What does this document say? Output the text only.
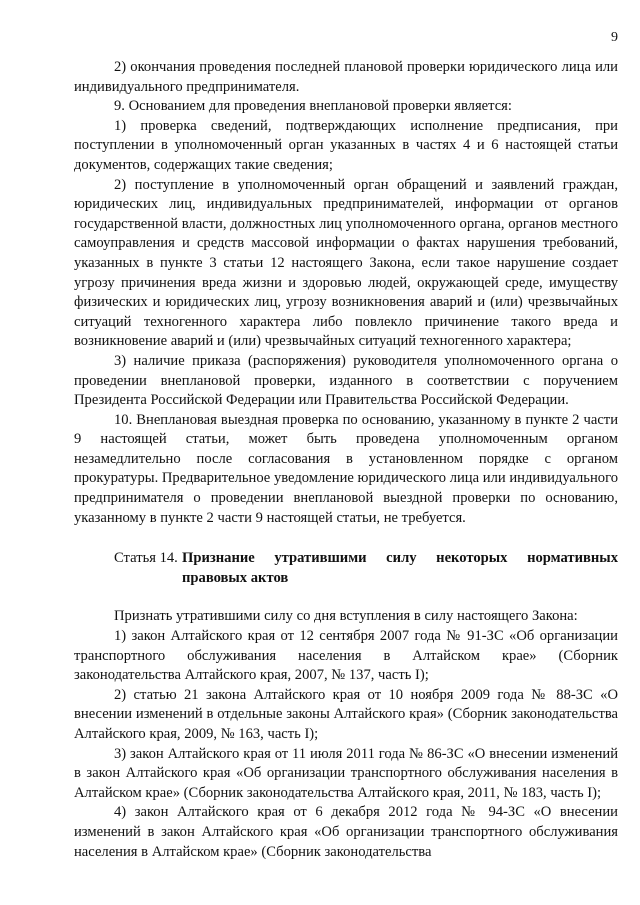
9

2) окончания проведения последней плановой проверки юридического лица или индивидуального предпринимателя.

9. Основанием для проведения внеплановой проверки является:

1) проверка сведений, подтверждающих исполнение предписания, при поступлении в уполномоченный орган указанных в частях 4 и 6 настоящей статьи документов, содержащих такие сведения;

2) поступление в уполномоченный орган обращений и заявлений граждан, юридических лиц, индивидуальных предпринимателей, информации от органов государственной власти, должностных лиц уполномоченного органа, органов местного самоуправления и средств массовой информации о фактах нарушения требований, указанных в пункте 3 статьи 12 настоящего Закона, если такое нарушение создает угрозу причинения вреда жизни и здоровью людей, окружающей среде, имуществу физических и юридических лиц, угрозу возникновения аварий и (или) чрезвычайных ситуаций техногенного характера либо повлекло причинение такого вреда и возникновение аварий и (или) чрезвычайных ситуаций техногенного характера;

3) наличие приказа (распоряжения) руководителя уполномоченного органа о проведении внеплановой проверки, изданного в соответствии с поручением Президента Российской Федерации или Правительства Российской Федерации.

10. Внеплановая выездная проверка по основанию, указанному в пункте 2 части 9 настоящей статьи, может быть проведена уполномоченным органом незамедлительно после согласования в установленном порядке с органом прокуратуры. Предварительное уведомление юридического лица или индивидуального предпринимателя о проведении внеплановой выездной проверки по основанию, указанному в пункте 2 части 9 настоящей статьи, не требуется.

Статья 14. Признание утратившими силу некоторых нормативных правовых актов

Признать утратившими силу со дня вступления в силу настоящего Закона:

1) закон Алтайского края от 12 сентября 2007 года № 91-ЗС «Об организации транспортного обслуживания населения в Алтайском крае» (Сборник законодательства Алтайского края, 2007, № 137, часть I);

2) статью 21 закона Алтайского края от 10 ноября 2009 года № 88-ЗС «О внесении изменений в отдельные законы Алтайского края» (Сборник законодательства Алтайского края, 2009, № 163, часть I);

3) закон Алтайского края от 11 июля 2011 года № 86-ЗС «О внесении изменений в закон Алтайского края «Об организации транспортного обслуживания населения в Алтайском крае» (Сборник законодательства Алтайского края, 2011, № 183, часть I);

4) закон Алтайского края от 6 декабря 2012 года № 94-ЗС «О внесении изменений в закон Алтайского края «Об организации транспортного обслуживания населения в Алтайском крае» (Сборник законодательства
